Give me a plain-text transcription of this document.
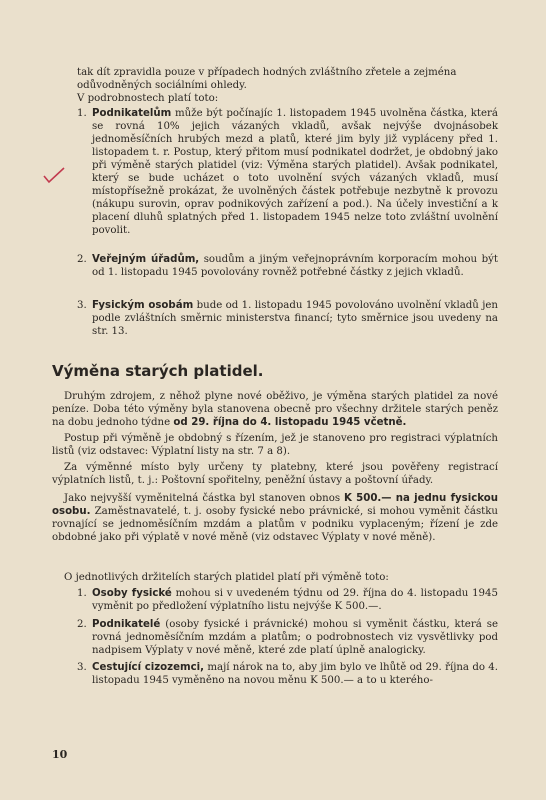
tak dít zpravidla pouze v případech hodných zvláštního zřetele a zejména odůvodněných sociálními ohledy.
V podrobnostech platí toto:
1. Podnikatelům může být počínajíc 1. listopadem 1945 uvolněna částka, která se rovná 10% jejich vázaných vkladů, avšak nejvýše dvojnásobek jednoměsíčních hrubých mezd a platů, které jim byly již vypláceny před 1. listopadem t. r. Postup, který přitom musí podnikatel dodržet, je obdobný jako při výměně starých platidel (viz: Výměna starých platidel). Avšak podnikatel, který se bude ucházet o toto uvolnění svých vázaných vkladů, musí místopřísežně prokázat, že uvolněných částek potřebuje nezbytně k provozu (nákupu surovin, oprav podnikových zařízení a pod.). Na účely investiční a k placení dluhů splatných před 1. listopadem 1945 nelze toto zvláštní uvolnění povolit.
2. Veřejným úřadům, soudům a jiným veřejnoprávním korporacím mohou být od 1. listopadu 1945 povolovány rovněž potřebné částky z jejich vkladů.
3. Fysickým osobám bude od 1. listopadu 1945 povolováno uvolnění vkladů jen podle zvláštních směrnic ministerstva financí; tyto směrnice jsou uvedeny na str. 13.
Výměna starých platidel.
Druhým zdrojem, z něhož plyne nové oběživo, je výměna starých platidel za nové peníze. Doba této výměny byla stanovena obecně pro všechny držitele starých peněz na dobu jednoho týdne od 29. října do 4. listopadu 1945 včetně.
Postup při výměně je obdobný s řízením, jež je stanoveno pro registraci výplatních listů (viz odstavec: Výplatní listy na str. 7 a 8).
Za výměnné místo byly určeny ty platebny, které jsou pověřeny registrací výplatních listů, t. j.: Poštovní spořitelny, peněžní ústavy a poštovní úřady.
Jako nejvyšší vyměnitelná částka byl stanoven obnos K 500.— na jednu fysickou osobu. Zaměstnavatelé, t. j. osoby fysické nebo právnické, si mohou vyměnit částku rovnající se jednoměsíčním mzdám a platům v podniku vyplaceným; řízení je zde obdobné jako při výplatě v nové měně (viz odstavec Výplaty v nové měně).
O jednotlivých držitelích starých platidel platí při výměně toto:
1. Osoby fysické mohou si v uvedeném týdnu od 29. října do 4. listopadu 1945 vyměnit po předložení výplatního listu nejvýše K 500.—.
2. Podnikatelé (osoby fysické i právnické) mohou si vyměnit částku, která se rovná jednoměsíčním mzdám a platům; o podrobnostech viz vysvětlivky pod nadpisem Výplaty v nové měně, které zde platí úplně analogicky.
3. Cestující cizozemci, mají nárok na to, aby jim bylo ve lhůtě od 29. října do 4. listopadu 1945 vyměněno na novou měnu K 500.— a to u kteréhо-
10
